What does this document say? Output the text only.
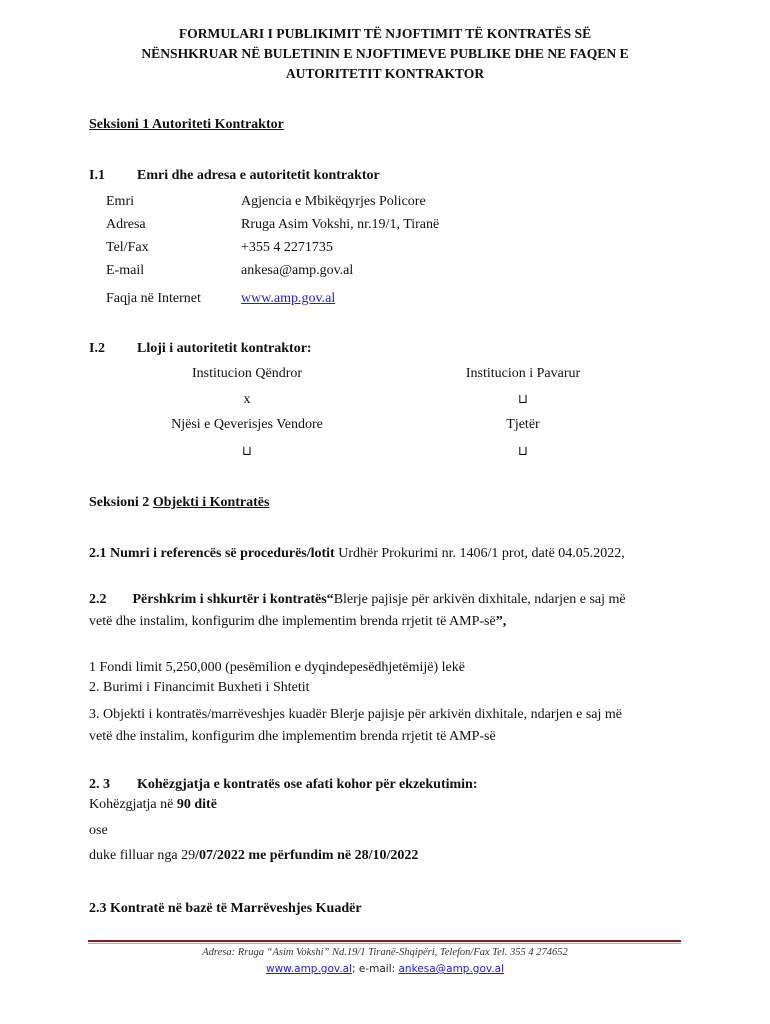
FORMULARI I PUBLIKIMIT TË NJOFTIMIT TË KONTRATËS SË
NËNSHKRUAR NË BULETININ E NJOFTIMEVE PUBLIKE DHE NE FAQEN E
AUTORITETIT KONTRAKTOR
Seksioni 1 Autoriteti Kontraktor
I.1 Emri dhe adresa e autoritetit kontraktor
Emri	Agjencia e Mbikëqyrjes Policore
Adresa	Rruga Asim Vokshi, nr.19/1, Tiranë
Tel/Fax	+355 4 2271735
E-mail	ankesa@amp.gov.al
Faqja në Internet	www.amp.gov.al
I.2 Lloji i autoritetit kontraktor:
Institucion Qëndror	Institucion i Pavarur
x	⊔
Njësi e Qeverisjes Vendore	Tjetër
⊔	⊔
Seksioni 2 Objekti i Kontratës
2.1 Numri i referencës së procedurës/lotit Urdhër Prokurimi nr. 1406/1 prot, datë 04.05.2022,
2.2 Përshkrim i shkurtër i kontratës“Blerje pajisje për arkivën dixhitale, ndarjen e saj më
vetë dhe instalim, konfigurim dhe implementim brenda rrjetit të AMP-së”,
1 Fondi limit 5,250,000 (pesëmilion e dyqindepesëdhjetëmijë) lekë
2. Burimi i Financimit Buxheti i Shtetit
3. Objekti i kontratës/marrëveshjes kuadër Blerje pajisje për arkivën dixhitale, ndarjen e saj më
vetë dhe instalim, konfigurim dhe implementim brenda rrjetit të AMP-së
2. 3 Kohëzgjatja e kontratës ose afati kohor për ekzekutimin:
Kohëzgjatja në 90 ditë
ose
duke filluar nga 29/07/2022 me përfundim në 28/10/2022
2.3 Kontratë në bazë të Marrëveshjes Kuadër
Adresa: Rruga “Asim Vokshi” Nd.19/1 Tiranë-Shqipëri, Telefon/Fax Tel. 355 4 274652
www.amp.gov.al; e-mail: ankesa@amp.gov.al
